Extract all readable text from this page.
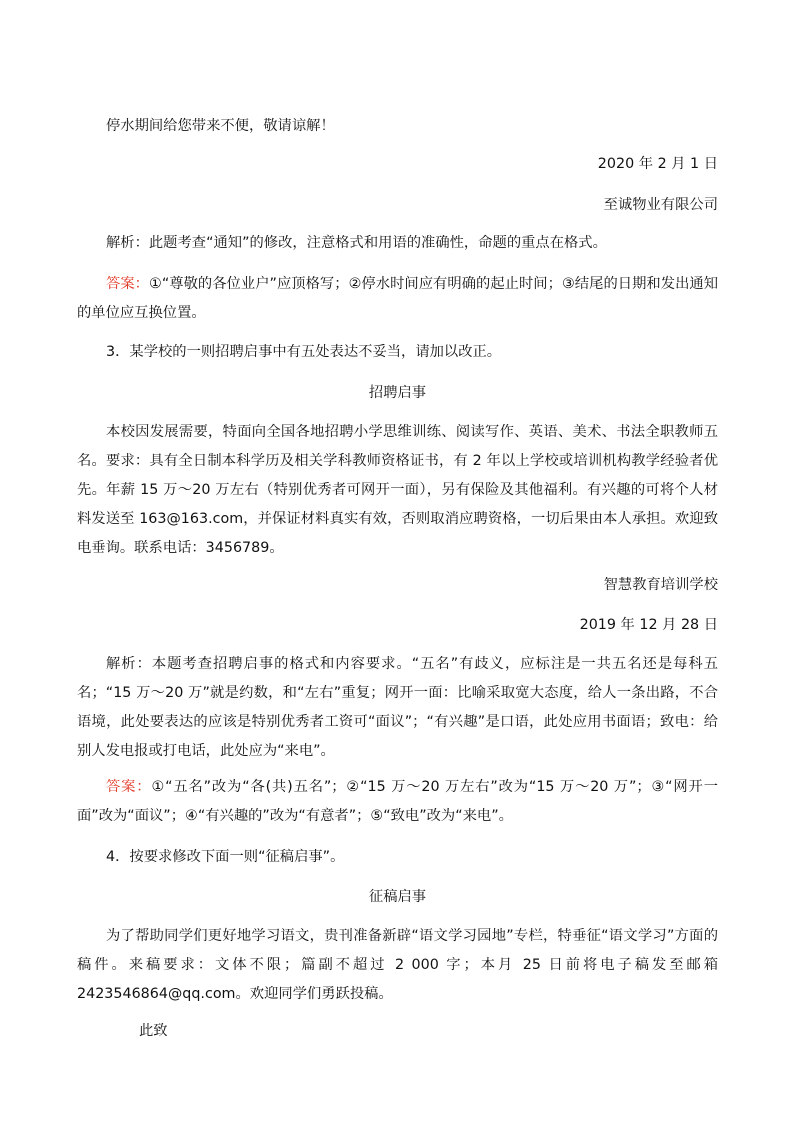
停水期间给您带来不便，敬请谅解！
2020 年 2 月 1 日
至诚物业有限公司
解析：此题考查“通知”的修改，注意格式和用语的准确性，命题的重点在格式。
答案：①“尊敬的各位业户”应顶格写；②停水时间应有明确的起止时间；③结尾的日期和发出通知的单位应互换位置。
3．某学校的一则招聘启事中有五处表达不妥当，请加以改正。
招聘启事
本校因发展需要，特面向全国各地招聘小学思维训练、阅读写作、英语、美术、书法全职教师五名。要求：具有全日制本科学历及相关学科教师资格证书，有 2 年以上学校或培训机构教学经验者优先。年薪 15 万～20 万左右（特别优秀者可网开一面），另有保险及其他福利。有兴趣的可将个人材料发送至 163@163.com，并保证材料真实有效，否则取消应聘资格，一切后果由本人承担。欢迎致电垂询。联系电话：3456789。
智慧教育培训学校
2019 年 12 月 28 日
解析：本题考查招聘启事的格式和内容要求。“五名”有歧义，应标注是一共五名还是每科五名；“15 万～20 万”就是约数，和“左右”重复；网开一面：比喻采取宽大态度，给人一条出路，不合语境，此处要表达的应该是特别优秀者工资可“面议”；“有兴趣”是口语，此处应用书面语；致电：给别人发电报或打电话，此处应为“来电”。
答案：①“五名”改为“各(共)五名”；②“15 万～20 万左右”改为“15 万～20 万”；③“网开一面”改为“面议”；④“有兴趣的”改为“有意者”；⑤“致电”改为“来电”。
4．按要求修改下面一则“征稿启事”。
征稿启事
为了帮助同学们更好地学习语文，贵刊准备新辟“语文学习园地”专栏，特垂征“语文学习”方面的稿件。来稿要求：文体不限；篇副不超过 2 000 字；本月 25 日前将电子稿发至邮箱 2423546864@qq.com。欢迎同学们勇跃投稿。
此致
